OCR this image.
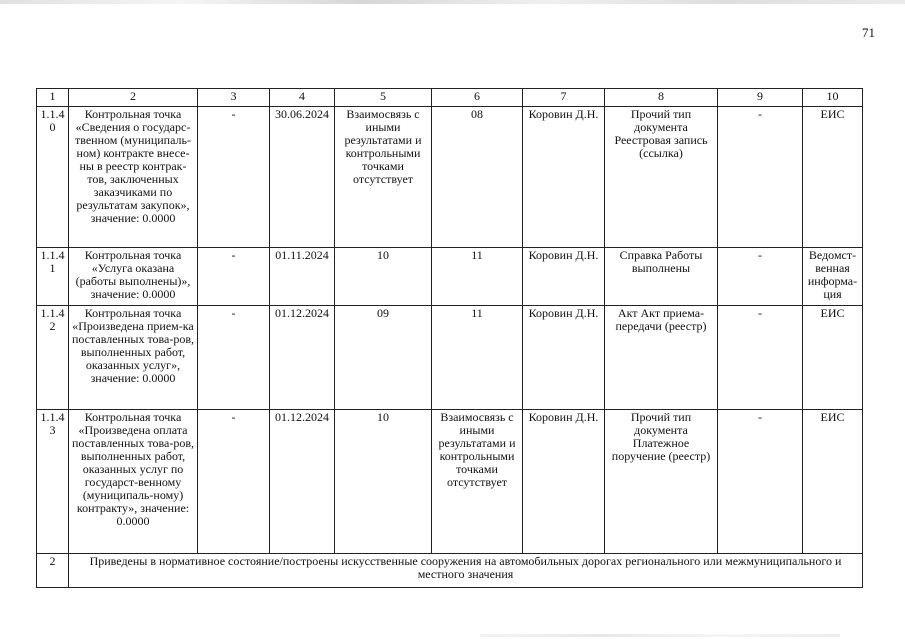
71
1	2	3	4	5	6	7	8	9	10
1.1.40	Контрольная точка «Сведения о государс-твенном (муниципаль-ном) контракте внесе-ны в реестр контрак-тов, заключенных заказчиками по результатам закупок», значение: 0.0000	-	30.06.2024	Взаимосвязь с иными результатами и контрольными точками отсутствует	08	Коровин Д.Н.	Прочий тип документа Реестровая запись (ссылка)	-	ЕИС
1.1.41	Контрольная точка «Услуга оказана (работы выполнены)», значение: 0.0000	-	01.11.2024	10	11	Коровин Д.Н.	Справка Работы выполнены	-	Ведомст-венная информа-ция
1.1.42	Контрольная точка «Произведена прием-ка поставленных това-ров, выполненных работ, оказанных услуг», значение: 0.0000	-	01.12.2024	09	11	Коровин Д.Н.	Акт Акт приема-передачи (реестр)	-	ЕИС
1.1.43	Контрольная точка «Произведена оплата поставленных това-ров, выполненных работ, оказанных услуг по государст-венному (муниципаль-ному) контракту», значение: 0.0000	-	01.12.2024	10	Взаимосвязь с иными результатами и контрольными точками отсутствует	Коровин Д.Н.	Прочий тип документа Платежное поручение (реестр)	-	ЕИС
2	Приведены в нормативное состояние/построены искусственные сооружения на автомобильных дорогах регионального или межмуниципального и местного значения								
